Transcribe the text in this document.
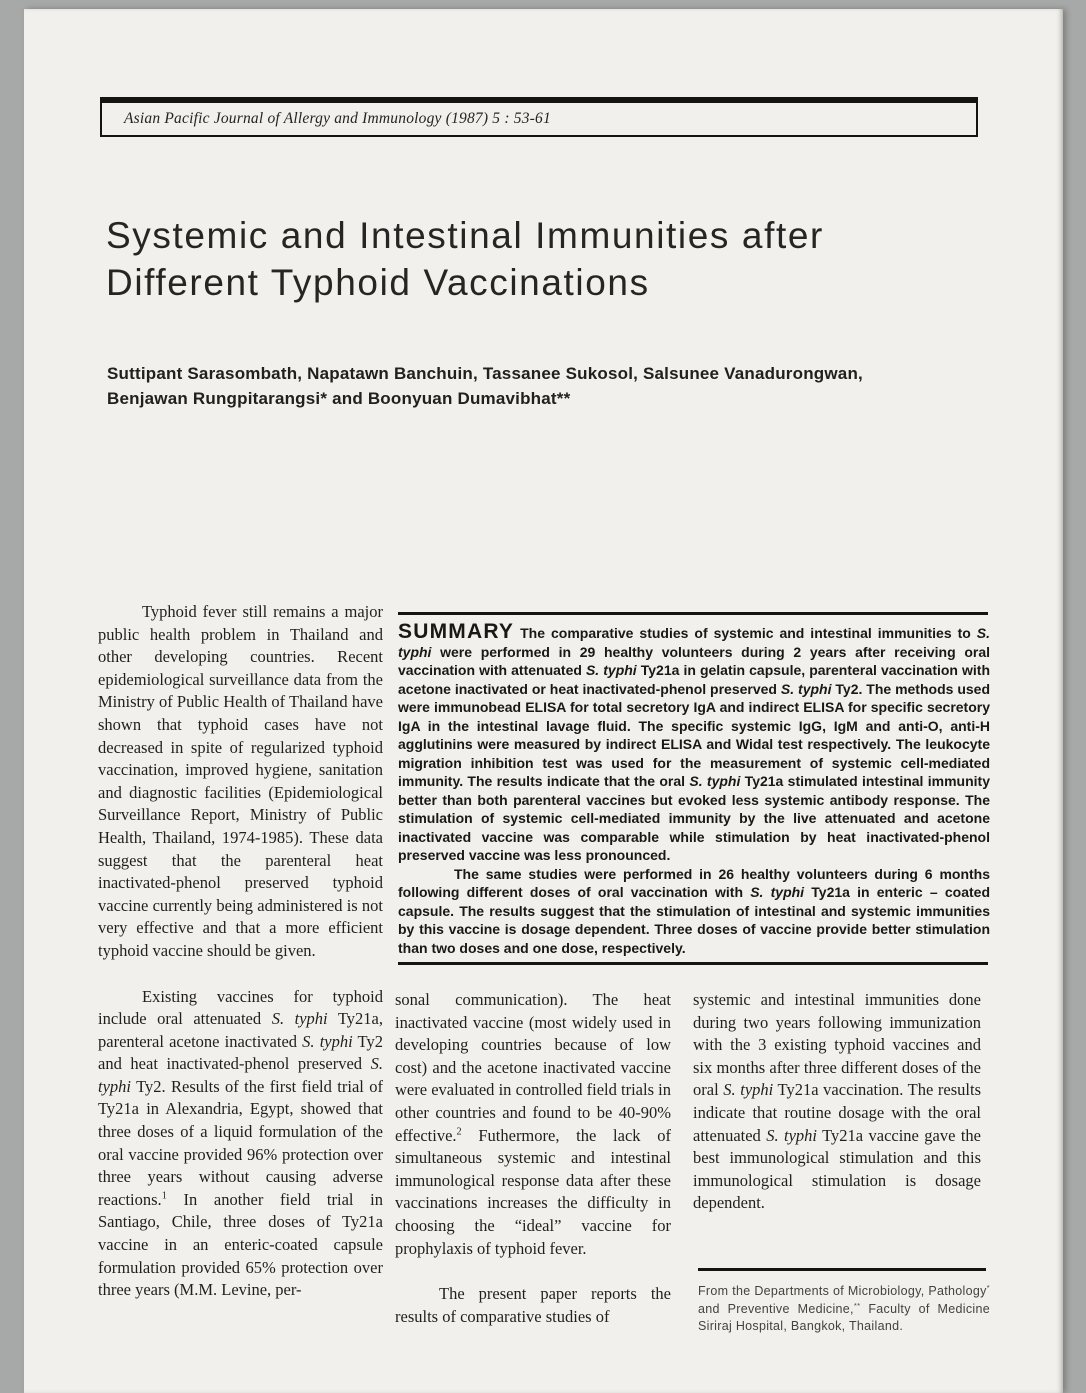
Asian Pacific Journal of Allergy and Immunology (1987) 5 : 53-61
Systemic and Intestinal Immunities after
Different Typhoid Vaccinations
Suttipant Sarasombath, Napatawn Banchuin, Tassanee Sukosol, Salsunee Vanadurongwan,
Benjawan Rungpitarangsi* and Boonyuan Dumavibhat**

SUMMARY The comparative studies of systemic and intestinal immunities to S. typhi were performed in 29 healthy volunteers during 2 years after receiving oral vaccination with attenuated S. typhi Ty21a in gelatin capsule, parenteral vaccination with acetone inactivated or heat inactivated-phenol preserved S. typhi Ty2. The methods used were immunobead ELISA for total secretory IgA and indirect ELISA for specific secretory IgA in the intestinal lavage fluid. The specific systemic IgG, IgM and anti-O, anti-H agglutinins were measured by indirect ELISA and Widal test respectively. The leukocyte migration inhibition test was used for the measurement of systemic cell-mediated immunity. The results indicate that the oral S. typhi Ty21a stimulated intestinal immunity better than both parenteral vaccines but evoked less systemic antibody response. The stimulation of systemic cell-mediated immunity by the live attenuated and acetone inactivated vaccine was comparable while stimulation by heat inactivated-phenol preserved vaccine was less pronounced.

The same studies were performed in 26 healthy volunteers during 6 months following different doses of oral vaccination with S. typhi Ty21a in enteric – coated capsule. The results suggest that the stimulation of intestinal and systemic immunities by this vaccine is dosage dependent. Three doses of vaccine provide better stimulation than two doses and one dose, respectively.

Typhoid fever still remains a major public health problem in Thailand and other developing countries. Recent epidemiological surveillance data from the Ministry of Public Health of Thailand have shown that typhoid cases have not decreased in spite of regularized typhoid vaccination, improved hygiene, sanitation and diagnostic facilities (Epidemiological Surveillance Report, Ministry of Public Health, Thailand, 1974-1985). These data suggest that the parenteral heat inactivated-phenol preserved typhoid vaccine currently being administered is not very effective and that a more efficient typhoid vaccine should be given.

Existing vaccines for typhoid include oral attenuated S. typhi Ty21a, parenteral acetone inactivated S. typhi Ty2 and heat inactivated-phenol preserved S. typhi Ty2. Results of the first field trial of Ty21a in Alexandria, Egypt, showed that three doses of a liquid formulation of the oral vaccine provided 96% protection over three years without causing adverse reactions.$^1$ In another field trial in Santiago, Chile, three doses of Ty21a vaccine in an enteric-coated capsule formulation provided 65% protection over three years (M.M. Levine, per-

sonal communication). The heat inactivated vaccine (most widely used in developing countries because of low cost) and the acetone inactivated vaccine were evaluated in controlled field trials in other countries and found to be 40-90% effective.$^2$ Futhermore, the lack of simultaneous systemic and intestinal immunological response data after these vaccinations increases the difficulty in choosing the “ideal” vaccine for prophylaxis of typhoid fever.

The present paper reports the results of comparative studies of

systemic and intestinal immunities done during two years following immunization with the 3 existing typhoid vaccines and six months after three different doses of the oral S. typhi Ty21a vaccination. The results indicate that routine dosage with the oral attenuated S. typhi Ty21a vaccine gave the best immunological stimulation and this immunological stimulation is dosage dependent.

From the Departments of Microbiology, Pathology* and Preventive Medicine,** Faculty of Medicine Siriraj Hospital, Bangkok, Thailand.
